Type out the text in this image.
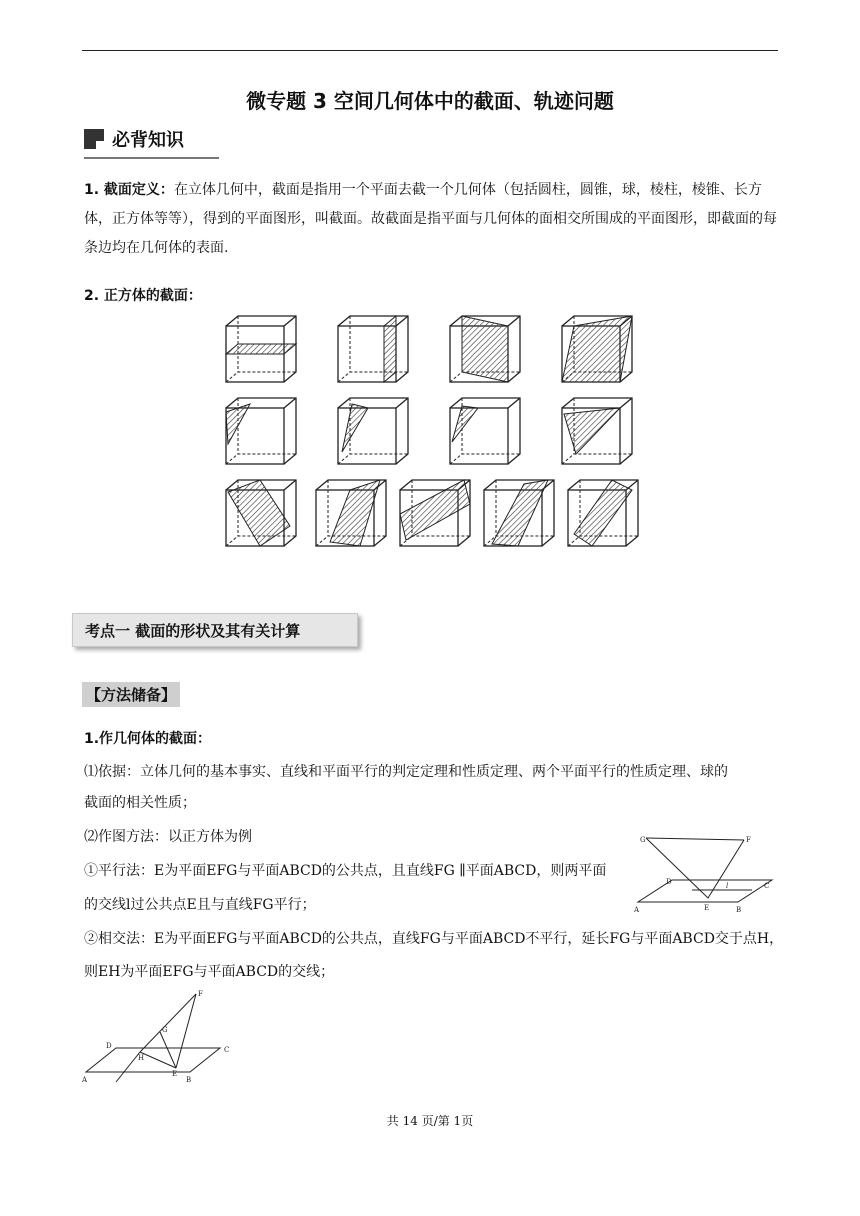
微专题 3 空间几何体中的截面、轨迹问题
必背知识
1. 截面定义：在立体几何中，截面是指用一个平面去截一个几何体（包括圆柱，圆锥，球，棱柱，棱锥、长方体，正方体等等），得到的平面图形，叫截面。故截面是指平面与几何体的面相交所围成的平面图形，即截面的每条边均在几何体的表面.
2. 正方体的截面：
考点一 截面的形状及其有关计算
【方法储备】
1.作几何体的截面：
⑴依据：立体几何的基本事实、直线和平面平行的判定定理和性质定理、两个平面平行的性质定理、球的
截面的相关性质；
⑵作图方法：以正方体为例
①平行法：E为平面EFG与平面ABCD的公共点，且直线FG ∥平面ABCD，则两平面
的交线l过公共点E且与直线FG平行；
②相交法：E为平面EFG与平面ABCD的公共点，直线FG与平面ABCD不平行，延长FG与平面ABCD交于点H，
则EH为平面EFG与平面ABCD的交线；
G	F
D	C
A	E	B
l
F
G
D
H
C
A
E
B
共 14 页/第 1页
